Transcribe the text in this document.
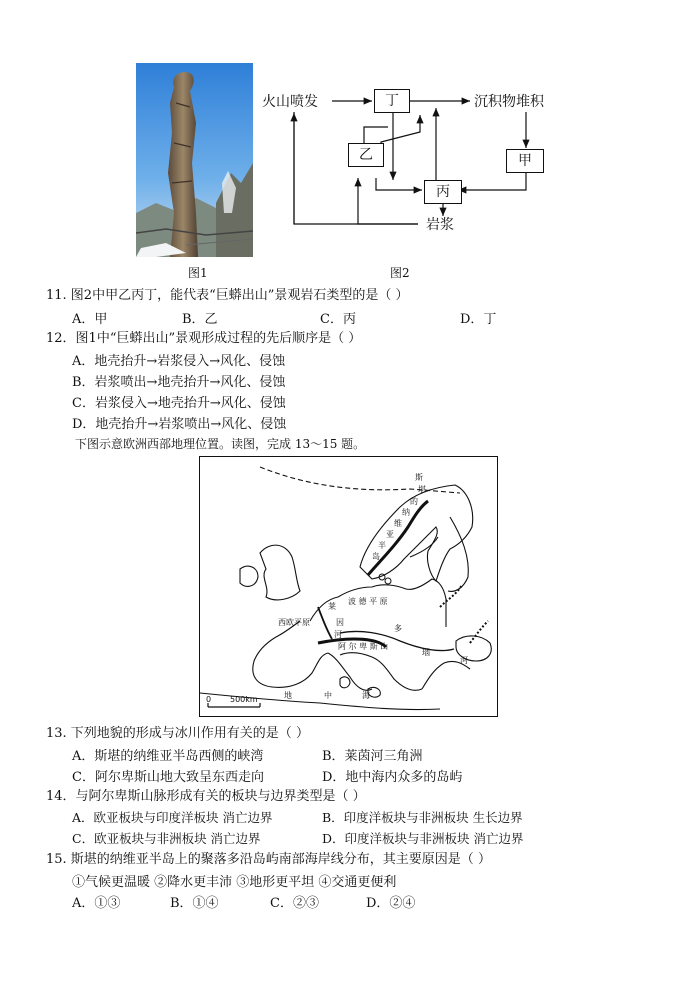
图1
火山喷发	丁	沉积物堆积
乙	甲
丙
岩浆
图2
11. 图2中甲乙丙丁，能代表“巨蟒出山”景观岩石类型的是（ ）
A．甲	B．乙	C．丙	D．丁
12．图1中“巨蟒出山”景观形成过程的先后顺序是（ ）
A．地壳抬升→岩浆侵入→风化、侵蚀
B．岩浆喷出→地壳抬升→风化、侵蚀
C．岩浆侵入→地壳抬升→风化、侵蚀
D．地壳抬升→岩浆喷出→风化、侵蚀
下图示意欧洲西部地理位置。读图，完成 13～15 题。
斯
堪
的
纳
维
亚
半
岛
波 德 平 原
莱
因
河
西欧平原
阿 尔 卑 斯 山
多
瑙
河
地	中	海
0 500km
13. 下列地貌的形成与冰川作用有关的是（ ）
A．斯堪的纳维亚半岛西侧的峡湾	B．莱茵河三角洲
C．阿尔卑斯山地大致呈东西走向	D．地中海内众多的岛屿
14．与阿尔卑斯山脉形成有关的板块与边界类型是（ ）
A．欧亚板块与印度洋板块 消亡边界	B．印度洋板块与非洲板块 生长边界
C．欧亚板块与非洲板块 消亡边界	D．印度洋板块与非洲板块 消亡边界
15. 斯堪的纳维亚半岛上的聚落多沿岛屿南部海岸线分布，其主要原因是（ ）
①气候更温暖 ②降水更丰沛 ③地形更平坦 ④交通更便利
A．①③	B．①④	C．②③	D．②④
